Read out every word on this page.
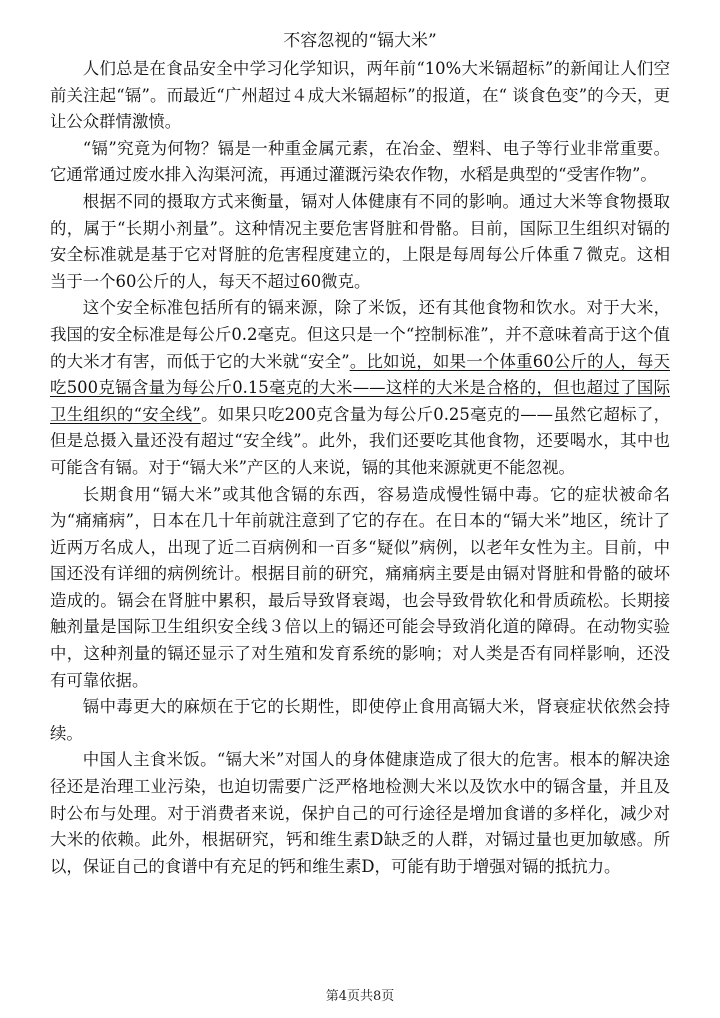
不容忽视的“镉大米”

人们总是在食品安全中学习化学知识，两年前“10%大米镉超标”的新闻让人们空前关注起“镉”。而最近“广州超过４成大米镉超标”的报道，在“ 谈食色变”的今天，更让公众群情激愤。

“镉”究竟为何物？镉是一种重金属元素，在冶金、塑料、电子等行业非常重要。它通常通过废水排入沟渠河流，再通过灌溉污染农作物，水稻是典型的“受害作物”。

根据不同的摄取方式来衡量，镉对人体健康有不同的影响。通过大米等食物摄取的，属于“长期小剂量”。这种情况主要危害肾脏和骨骼。目前，国际卫生组织对镉的安全标准就是基于它对肾脏的危害程度建立的，上限是每周每公斤体重７微克。这相当于一个60公斤的人，每天不超过60微克。

这个安全标准包括所有的镉来源，除了米饭，还有其他食物和饮水。对于大米，我国的安全标准是每公斤0.2毫克。但这只是一个“控制标准”，并不意味着高于这个值的大米才有害，而低于它的大米就“安全”。比如说，如果一个体重60公斤的人，每天吃500克镉含量为每公斤0.15毫克的大米——这样的大米是合格的，但也超过了国际卫生组织的“安全线”。如果只吃200克含量为每公斤0.25毫克的——虽然它超标了，但是总摄入量还没有超过“安全线”。此外，我们还要吃其他食物，还要喝水，其中也可能含有镉。对于“镉大米”产区的人来说，镉的其他来源就更不能忽视。

长期食用“镉大米”或其他含镉的东西，容易造成慢性镉中毒。它的症状被命名为“痛痛病”，日本在几十年前就注意到了它的存在。在日本的“镉大米”地区，统计了近两万名成人，出现了近二百病例和一百多“疑似”病例，以老年女性为主。目前，中国还没有详细的病例统计。根据目前的研究，痛痛病主要是由镉对肾脏和骨骼的破坏造成的。镉会在肾脏中累积，最后导致肾衰竭，也会导致骨软化和骨质疏松。长期接触剂量是国际卫生组织安全线３倍以上的镉还可能会导致消化道的障碍。在动物实验中，这种剂量的镉还显示了对生殖和发育系统的影响；对人类是否有同样影响，还没有可靠依据。

镉中毒更大的麻烦在于它的长期性，即使停止食用高镉大米，肾衰症状依然会持续。

中国人主食米饭。“镉大米”对国人的身体健康造成了很大的危害。根本的解决途径还是治理工业污染，也迫切需要广泛严格地检测大米以及饮水中的镉含量，并且及时公布与处理。对于消费者来说，保护自己的可行途径是增加食谱的多样化，减少对大米的依赖。此外，根据研究，钙和维生素D缺乏的人群，对镉过量也更加敏感。所以，保证自己的食谱中有充足的钙和维生素D，可能有助于增强对镉的抵抗力。

第4页共8页
